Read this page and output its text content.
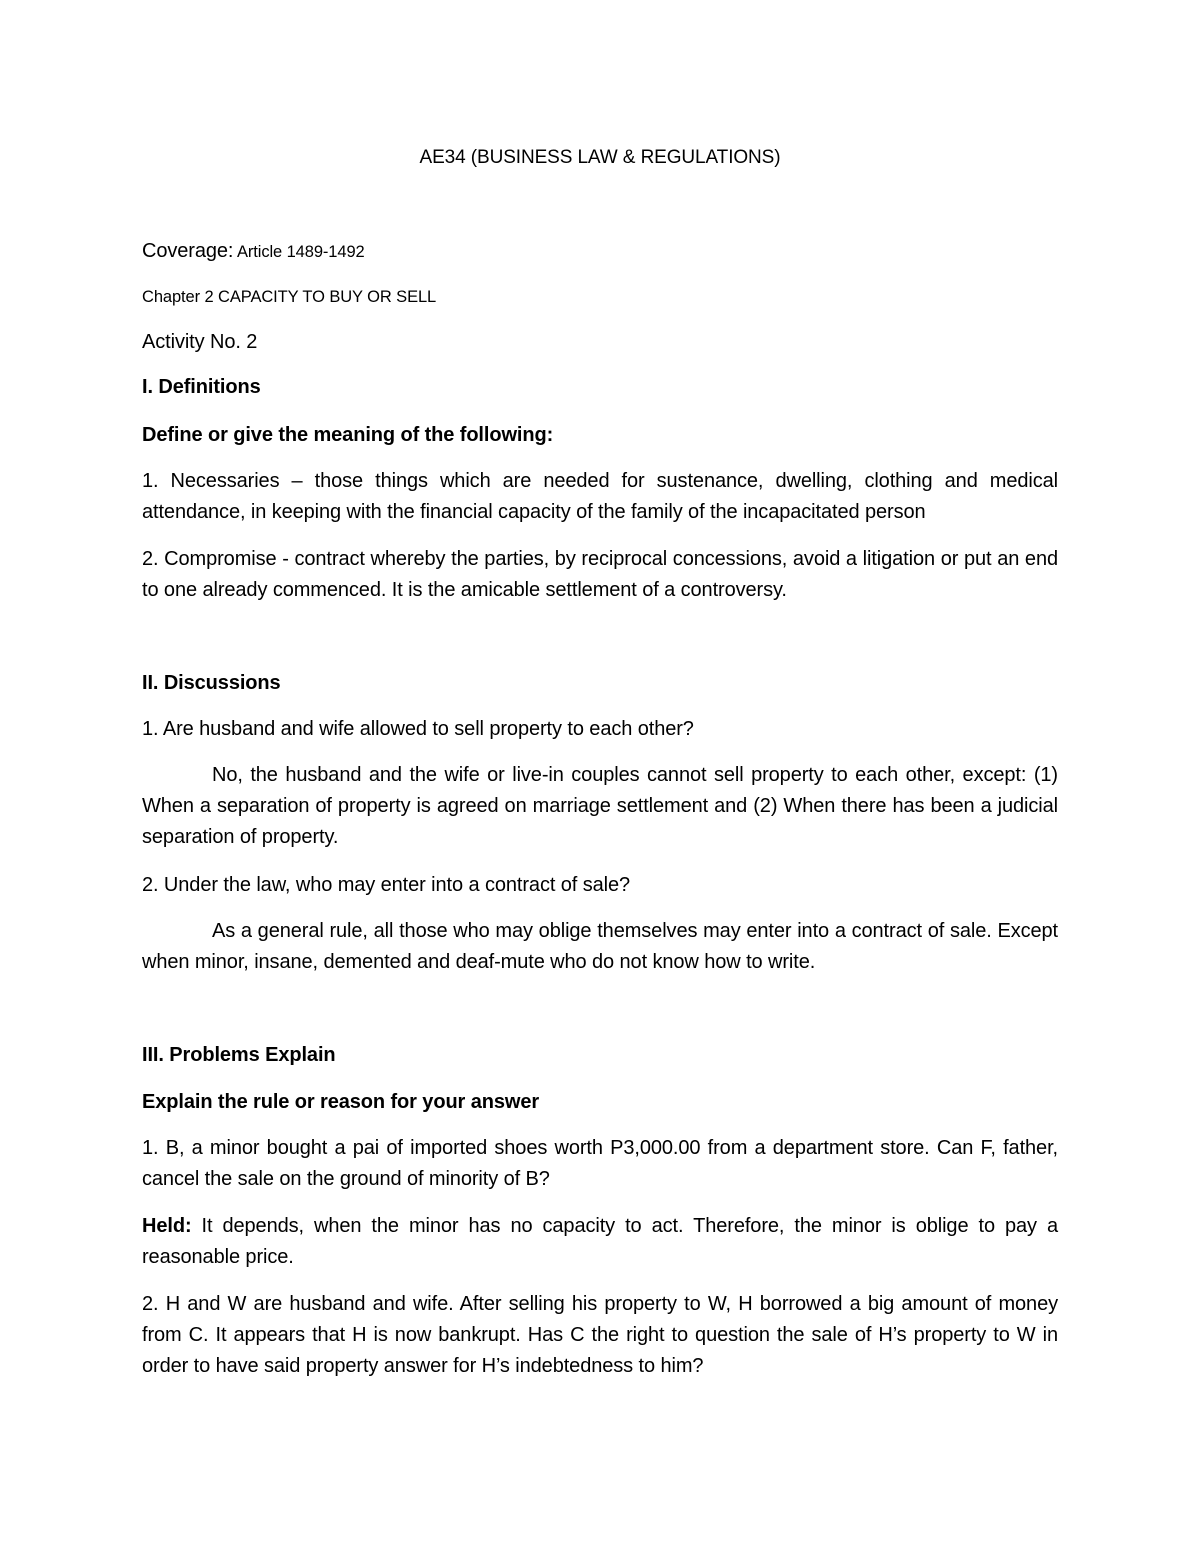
AE34 (BUSINESS LAW & REGULATIONS)
Coverage: Article 1489-1492
Chapter 2 CAPACITY TO BUY OR SELL
Activity No. 2
I. Definitions
Define or give the meaning of the following:
1. Necessaries – those things which are needed for sustenance, dwelling, clothing and medical attendance, in keeping with the financial capacity of the family of the incapacitated person
2. Compromise - contract whereby the parties, by reciprocal concessions, avoid a litigation or put an end to one already commenced. It is the amicable settlement of a controversy.
II. Discussions
1. Are husband and wife allowed to sell property to each other?
No, the husband and the wife or live-in couples cannot sell property to each other, except: (1) When a separation of property is agreed on marriage settlement and (2) When there has been a judicial separation of property.
2. Under the law, who may enter into a contract of sale?
As a general rule, all those who may oblige themselves may enter into a contract of sale. Except when minor, insane, demented and deaf-mute who do not know how to write.
III. Problems Explain
Explain the rule or reason for your answer
1. B, a minor bought a pai of imported shoes worth P3,000.00 from a department store. Can F, father, cancel the sale on the ground of minority of B?
Held: It depends, when the minor has no capacity to act. Therefore, the minor is oblige to pay a reasonable price.
2. H and W are husband and wife. After selling his property to W, H borrowed a big amount of money from C. It appears that H is now bankrupt. Has C the right to question the sale of H’s property to W in order to have said property answer for H’s indebtedness to him?
